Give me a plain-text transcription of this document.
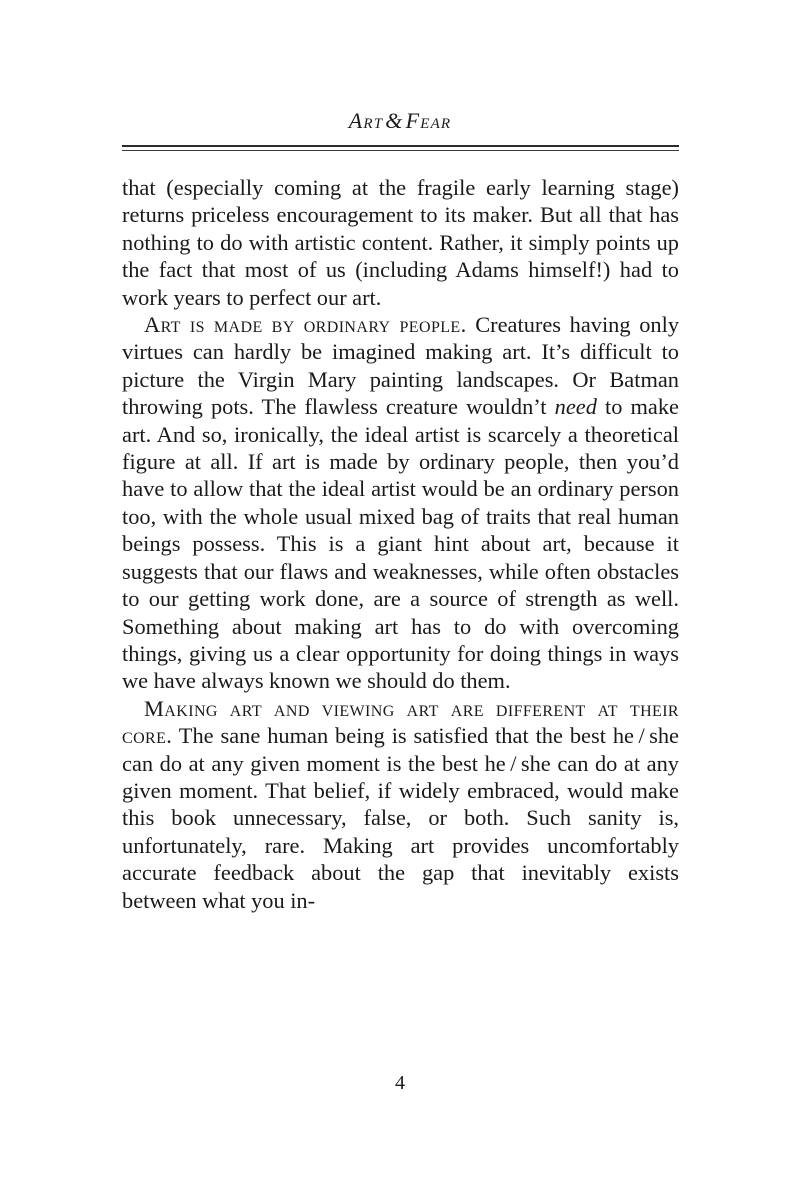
Art&Fear

that (especially coming at the fragile early learning stage) returns priceless encouragement to its maker. But all that has nothing to do with artistic content. Rather, it simply points up the fact that most of us (including Adams himself!) had to work years to perfect our art.

Art is made by ordinary people. Creatures having only virtues can hardly be imagined making art. It’s difficult to picture the Virgin Mary painting landscapes. Or Batman throwing pots. The flawless creature wouldn’t need to make art. And so, ironically, the ideal artist is scarcely a theoretical figure at all. If art is made by ordinary people, then you’d have to allow that the ideal artist would be an ordinary person too, with the whole usual mixed bag of traits that real human beings possess. This is a giant hint about art, because it suggests that our flaws and weaknesses, while often obstacles to our getting work done, are a source of strength as well. Something about making art has to do with overcoming things, giving us a clear opportunity for doing things in ways we have always known we should do them.

Making art and viewing art are different at their core. The sane human being is satisfied that the best he / she can do at any given moment is the best he / she can do at any given moment. That belief, if widely embraced, would make this book unnecessary, false, or both. Such sanity is, unfortunately, rare. Making art provides uncomfortably accurate feedback about the gap that inevitably exists between what you in-

4
